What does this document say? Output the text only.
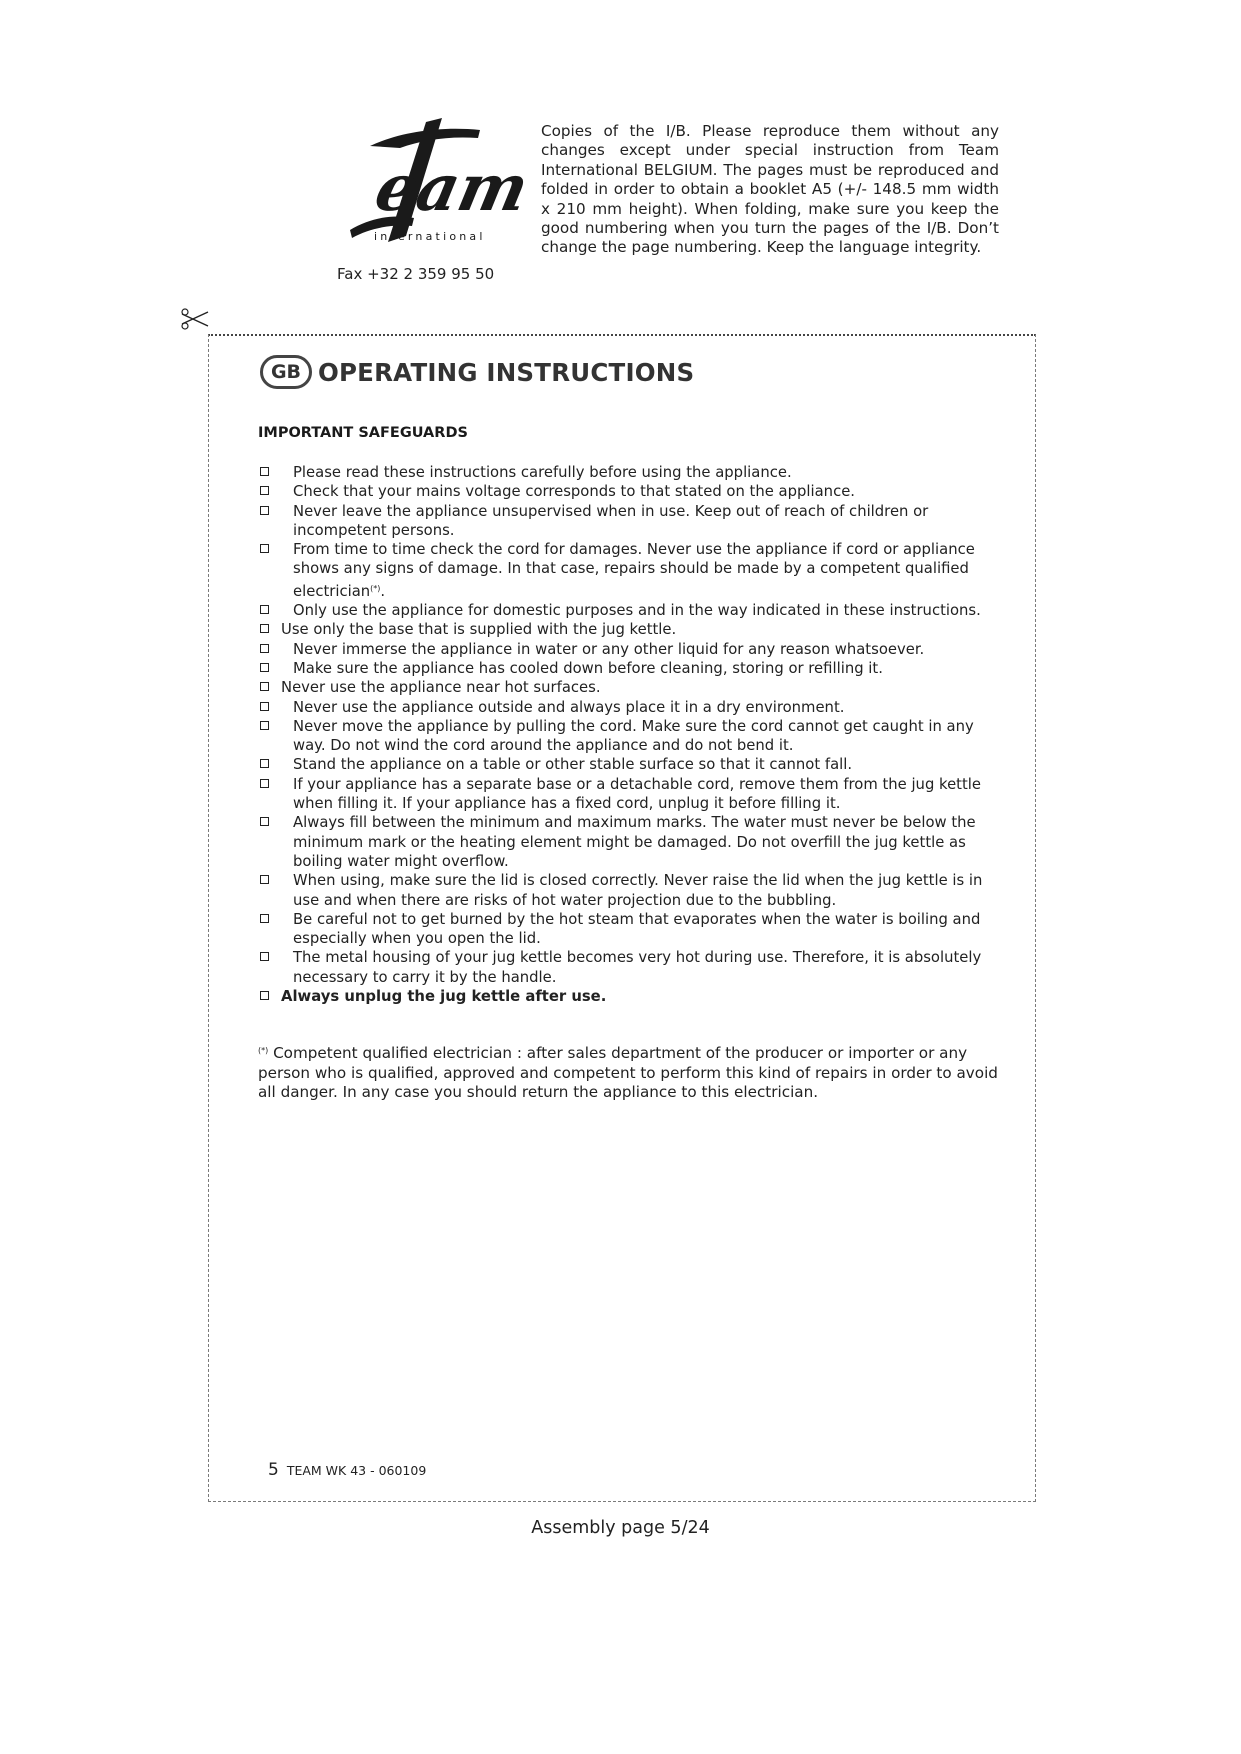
eam
international
Fax +32 2 359 95 50
Copies of the I/B. Please reproduce them without any changes except under special instruction from Team International BELGIUM. The pages must be reproduced and folded in order to obtain a booklet A5 (+/- 148.5 mm width x 210 mm height). When folding, make sure you keep the good numbering when you turn the pages of the I/B. Don’t change the page numbering. Keep the language integrity.
GB OPERATING INSTRUCTIONS
IMPORTANT SAFEGUARDS
Please read these instructions carefully before using the appliance.
Check that your mains voltage corresponds to that stated on the appliance.
Never leave the appliance unsupervised when in use. Keep out of reach of children or incompetent persons.
From time to time check the cord for damages. Never use the appliance if cord or appliance shows any signs of damage. In that case, repairs should be made by a competent qualified electrician(*).
Only use the appliance for domestic purposes and in the way indicated in these instructions.
Use only the base that is supplied with the jug kettle.
Never immerse the appliance in water or any other liquid for any reason whatsoever.
Make sure the appliance has cooled down before cleaning, storing or refilling it.
Never use the appliance near hot surfaces.
Never use the appliance outside and always place it in a dry environment.
Never move the appliance by pulling the cord. Make sure the cord cannot get caught in any way. Do not wind the cord around the appliance and do not bend it.
Stand the appliance on a table or other stable surface so that it cannot fall.
If your appliance has a separate base or a detachable cord, remove them from the jug kettle when filling it. If your appliance has a fixed cord, unplug it before filling it.
Always fill between the minimum and maximum marks. The water must never be below the minimum mark or the heating element might be damaged. Do not overfill the jug kettle as boiling water might overflow.
When using, make sure the lid is closed correctly. Never raise the lid when the jug kettle is in use and when there are risks of hot water projection due to the bubbling.
Be careful not to get burned by the hot steam that evaporates when the water is boiling and especially when you open the lid.
The metal housing of your jug kettle becomes very hot during use. Therefore, it is absolutely necessary to carry it by the handle.
Always unplug the jug kettle after use.
(*) Competent qualified electrician : after sales department of the producer or importer or any person who is qualified, approved and competent to perform this kind of repairs in order to avoid all danger. In any case you should return the appliance to this electrician.
5 TEAM WK 43 - 060109
Assembly page 5/24
